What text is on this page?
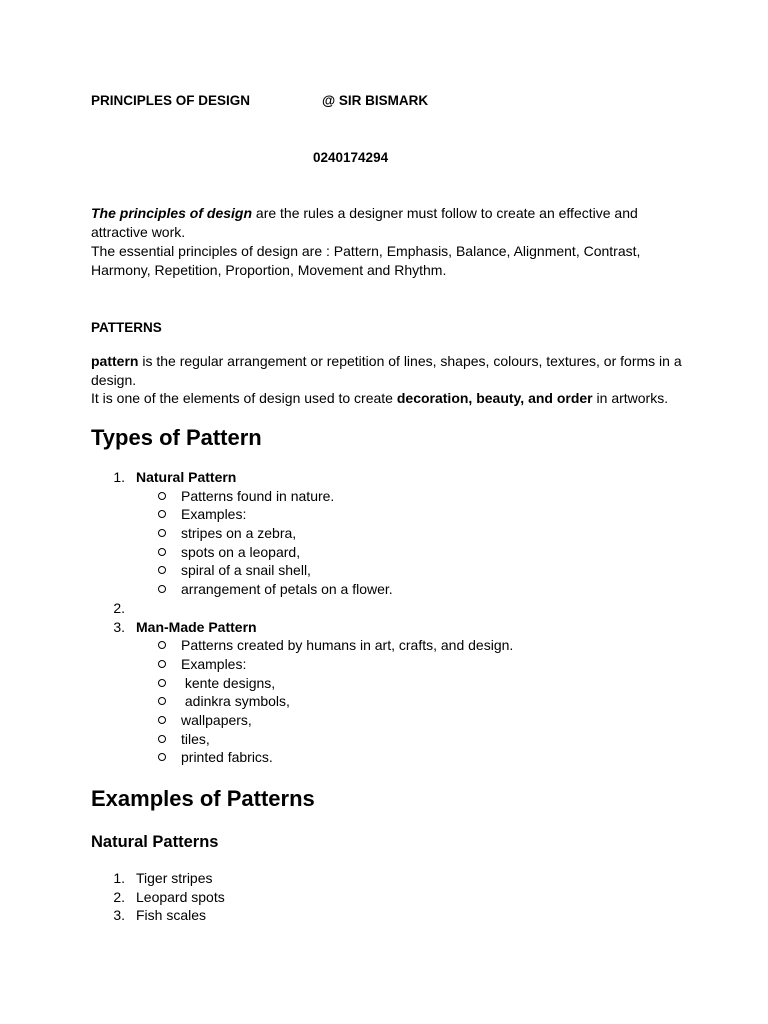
PRINCIPLES OF DESIGN	@ SIR BISMARK
0240174294
The principles of design are the rules a designer must follow to create an effective and attractive work.
The essential principles of design are : Pattern, Emphasis, Balance, Alignment, Contrast, Harmony, Repetition, Proportion, Movement and Rhythm.
PATTERNS
pattern is the regular arrangement or repetition of lines, shapes, colours, textures, or forms in a design.
It is one of the elements of design used to create decoration, beauty, and order in artworks.
Types of Pattern
1. Natural Pattern
Patterns found in nature.
Examples:
stripes on a zebra,
spots on a leopard,
spiral of a snail shell,
arrangement of petals on a flower.
2.
3. Man-Made Pattern
Patterns created by humans in art, crafts, and design.
Examples:
kente designs,
adinkra symbols,
wallpapers,
tiles,
printed fabrics.
Examples of Patterns
Natural Patterns
1. Tiger stripes
2. Leopard spots
3. Fish scales
